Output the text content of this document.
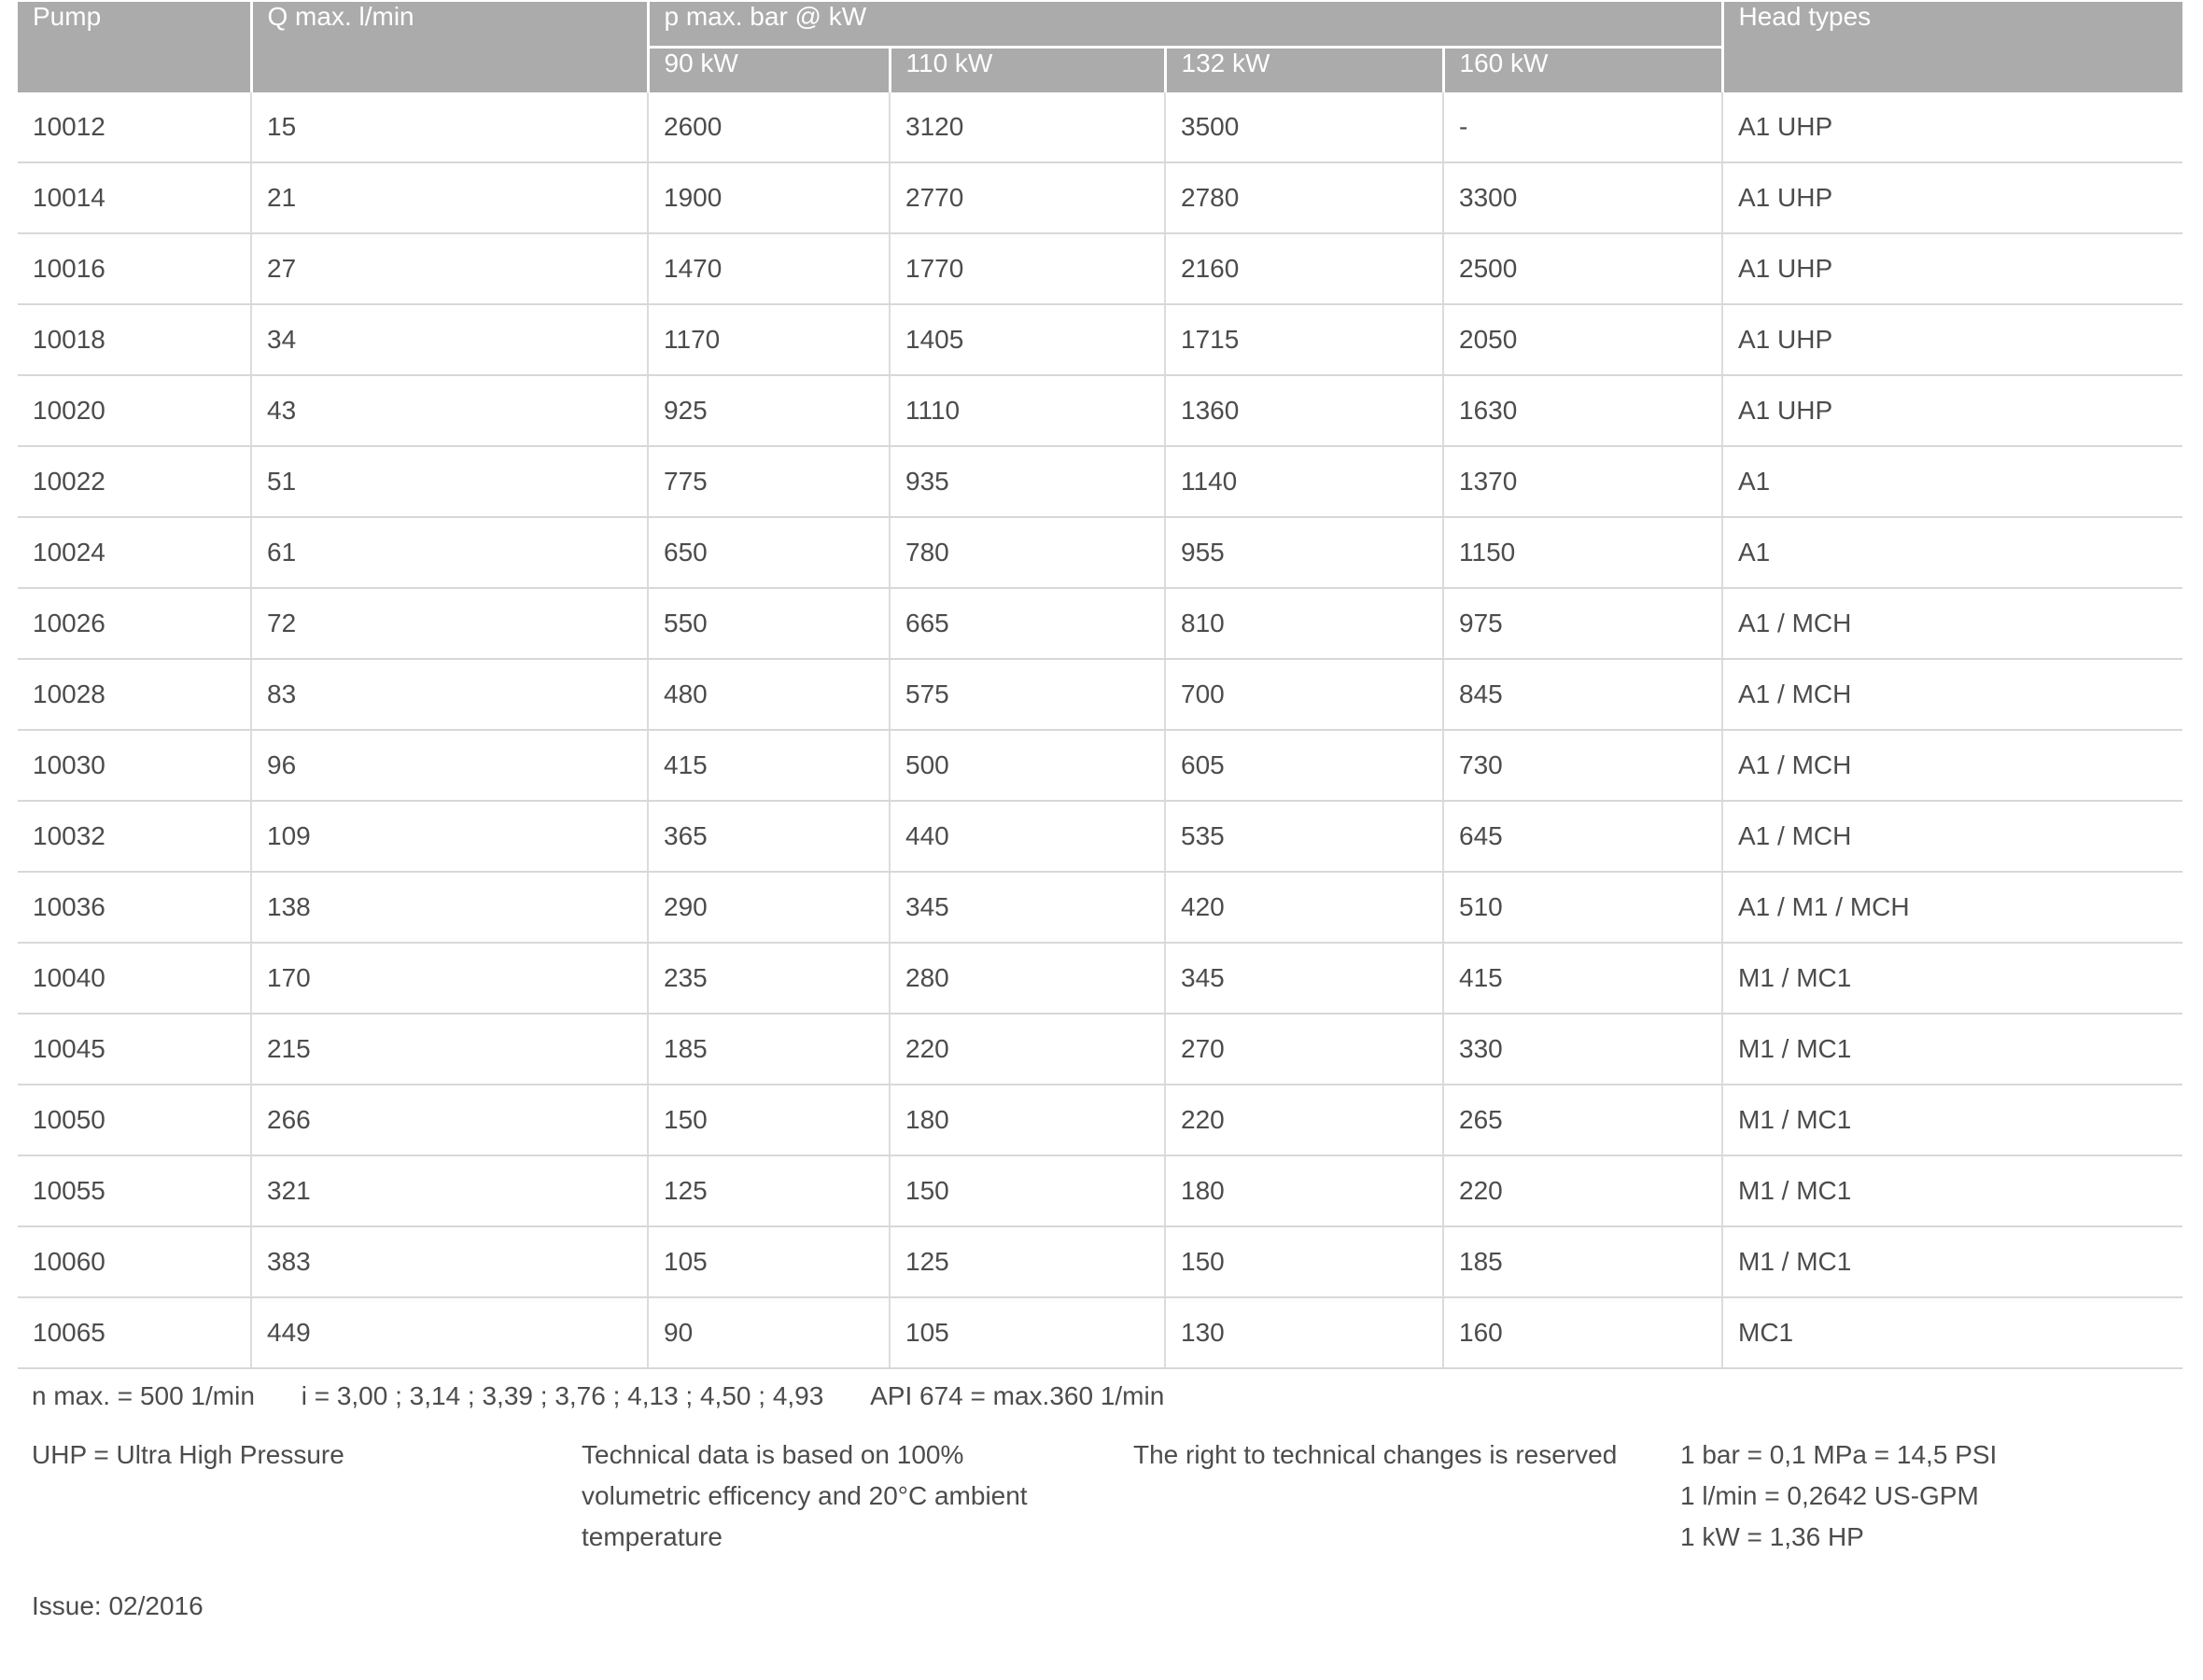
Pump	Q max. l/min	p max. bar @ kW				Head types
		90 kW	110 kW	132 kW	160 kW	
10012	15	2600	3120	3500	-	A1 UHP
10014	21	1900	2770	2780	3300	A1 UHP
10016	27	1470	1770	2160	2500	A1 UHP
10018	34	1170	1405	1715	2050	A1 UHP
10020	43	925	1110	1360	1630	A1 UHP
10022	51	775	935	1140	1370	A1
10024	61	650	780	955	1150	A1
10026	72	550	665	810	975	A1 / MCH
10028	83	480	575	700	845	A1 / MCH
10030	96	415	500	605	730	A1 / MCH
10032	109	365	440	535	645	A1 / MCH
10036	138	290	345	420	510	A1 / M1 / MCH
10040	170	235	280	345	415	M1 / MC1
10045	215	185	220	270	330	M1 / MC1
10050	266	150	180	220	265	M1 / MC1
10055	321	125	150	180	220	M1 / MC1
10060	383	105	125	150	185	M1 / MC1
10065	449	90	105	130	160	MC1
n max. = 500 1/min i = 3,00 ; 3,14 ; 3,39 ; 3,76 ; 4,13 ; 4,50 ; 4,93 API 674 = max.360 1/min
UHP = Ultra High Pressure	Technical data is based on 100% volumetric efficency and 20°C ambient temperature
The right to technical changes is reserved 1 bar = 0,1 MPa = 14,5 PSI
1 l/min = 0,2642 US-GPM
1 kW = 1,36 HP
Issue: 02/2016
